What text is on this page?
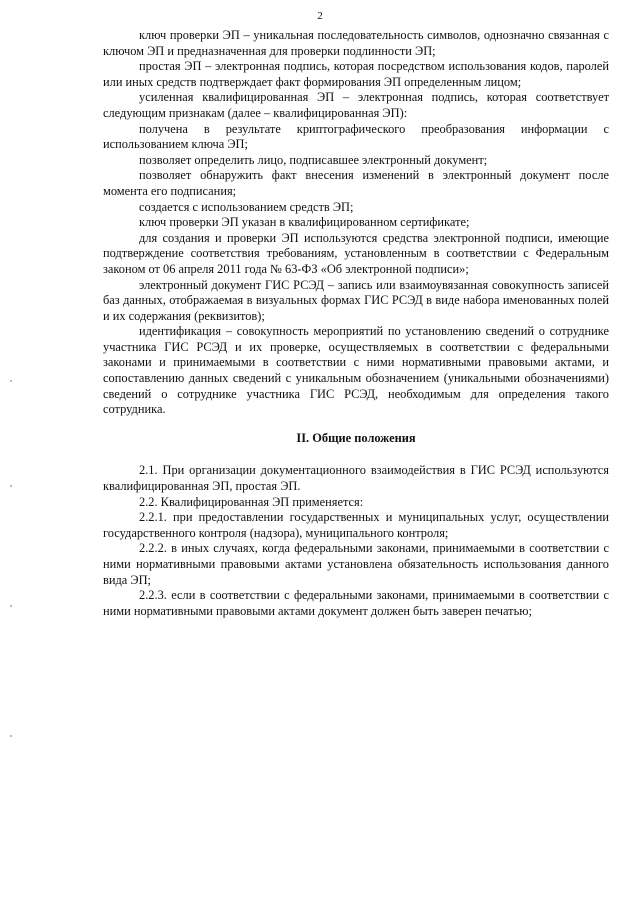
2

ключ проверки ЭП – уникальная последовательность символов, однозначно связанная с ключом ЭП и предназначенная для проверки подлинности ЭП;

простая ЭП – электронная подпись, которая посредством использования кодов, паролей или иных средств подтверждает факт формирования ЭП определенным лицом;

усиленная квалифицированная ЭП – электронная подпись, которая соответствует следующим признакам (далее – квалифицированная ЭП):

получена в результате криптографического преобразования информации с использованием ключа ЭП;

позволяет определить лицо, подписавшее электронный документ;

позволяет обнаружить факт внесения изменений в электронный документ после момента его подписания;

создается с использованием средств ЭП;

ключ проверки ЭП указан в квалифицированном сертификате;

для создания и проверки ЭП используются средства электронной подписи, имеющие подтверждение соответствия требованиям, установленным в соответствии с Федеральным законом от 06 апреля 2011 года № 63-ФЗ «Об электронной подписи»;

электронный документ ГИС РСЭД – запись или взаимоувязанная совокупность записей баз данных, отображаемая в визуальных формах ГИС РСЭД в виде набора именованных полей и их содержания (реквизитов);

идентификация – совокупность мероприятий по установлению сведений о сотруднике участника ГИС РСЭД и их проверке, осуществляемых в соответствии с федеральными законами и принимаемыми в соответствии с ними нормативными правовыми актами, и сопоставлению данных сведений с уникальным обозначением (уникальными обозначениями) сведений о сотруднике участника ГИС РСЭД, необходимым для определения такого сотрудника.

II. Общие положения

2.1. При организации документационного взаимодействия в ГИС РСЭД используются квалифицированная ЭП, простая ЭП.

2.2. Квалифицированная ЭП применяется:

2.2.1. при предоставлении государственных и муниципальных услуг, осуществлении государственного контроля (надзора), муниципального контроля;

2.2.2. в иных случаях, когда федеральными законами, принимаемыми в соответствии с ними нормативными правовыми актами установлена обязательность использования данного вида ЭП;

2.2.3. если в соответствии с федеральными законами, принимаемыми в соответствии с ними нормативными правовыми актами документ должен быть заверен печатью;
